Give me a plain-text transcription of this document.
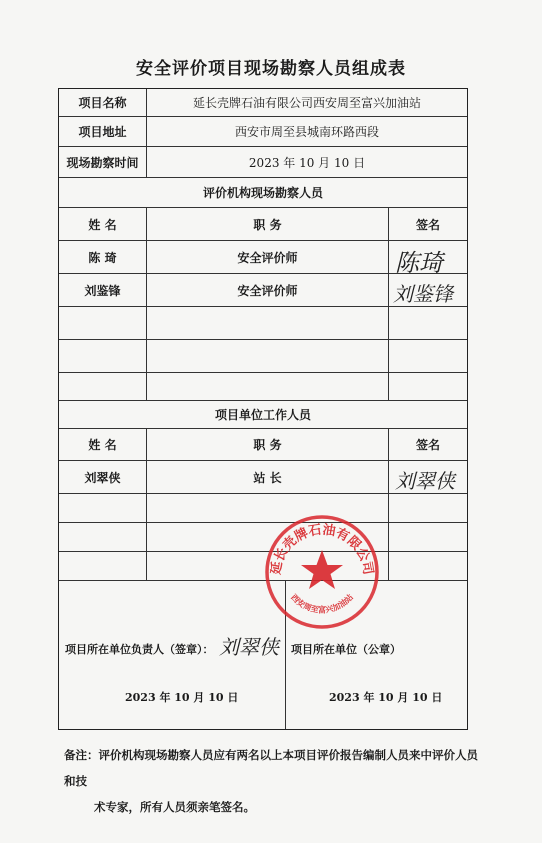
安全评价项目现场勘察人员组成表
项目名称	延长壳牌石油有限公司西安周至富兴加油站
项目地址	西安市周至县城南环路西段
现场勘察时间	2023 年 10 月 10 日
评价机构现场勘察人员
姓 名	职 务	签名
陈 琦	安全评价师	陈琦
刘鉴锋	安全评价师	刘鉴锋
项目单位工作人员
姓 名	职 务	签名
刘翠侠	站 长	刘翠侠
项目所在单位负责人（签章）： 刘翠侠
2023 年 10 月 10 日
项目所在单位（公章）
2023 年 10 月 10 日
延长壳牌石油有限公司
西安周至富兴加油站
备注：评价机构现场勘察人员应有两名以上本项目评价报告编制人员来中评价人员和技
术专家，所有人员须亲笔签名。
